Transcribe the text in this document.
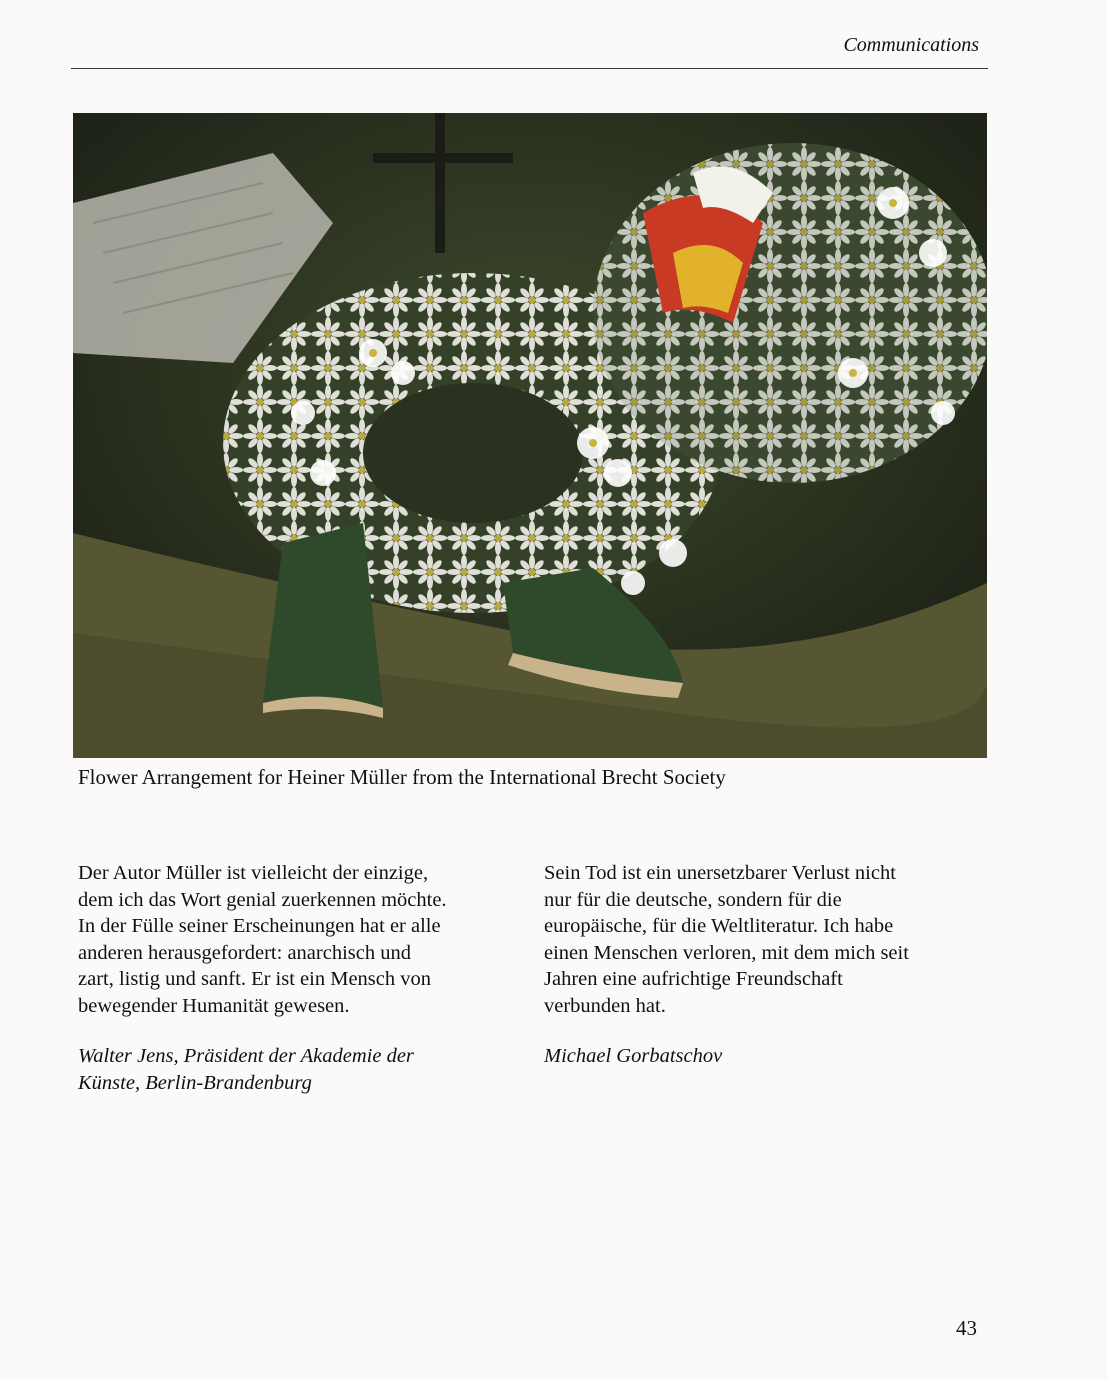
Communications
Flower Arrangement for Heiner Müller from the International Brecht Society
Der Autor Müller ist vielleicht der einzige,
dem ich das Wort genial zuerkennen möchte.
In der Fülle seiner Erscheinungen hat er alle
anderen herausgefordert: anarchisch und
zart, listig und sanft. Er ist ein Mensch von
bewegender Humanität gewesen.
Walter Jens, Präsident der Akademie der
Künste, Berlin-Brandenburg
Sein Tod ist ein unersetzbarer Verlust nicht
nur für die deutsche, sondern für die
europäische, für die Weltliteratur. Ich habe
einen Menschen verloren, mit dem mich seit
Jahren eine aufrichtige Freundschaft
verbunden hat.
Michael Gorbatschov
43
